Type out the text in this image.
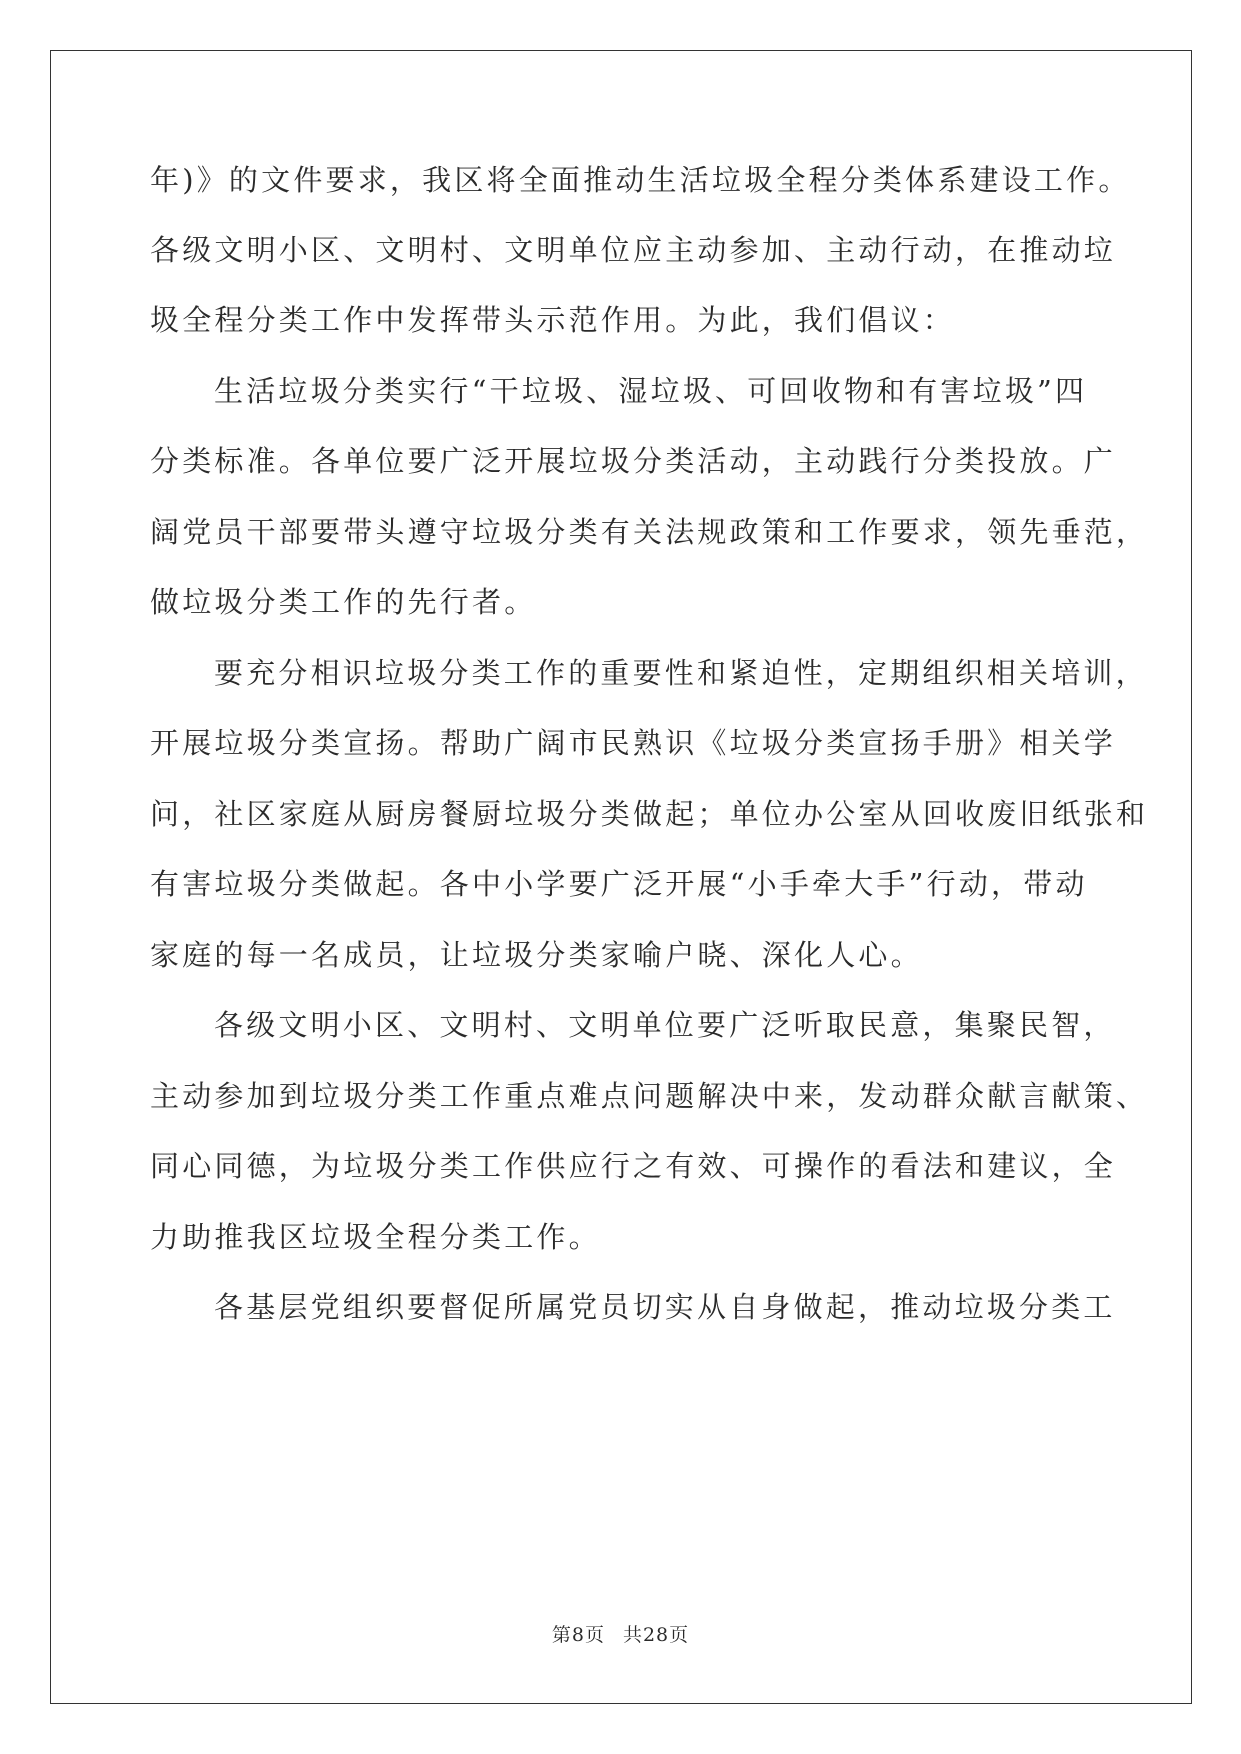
年)》的文件要求，我区将全面推动生活垃圾全程分类体系建设工作。
各级文明小区、文明村、文明单位应主动参加、主动行动，在推动垃
圾全程分类工作中发挥带头示范作用。为此，我们倡议：
生活垃圾分类实行“干垃圾、湿垃圾、可回收物和有害垃圾”四
分类标准。各单位要广泛开展垃圾分类活动，主动践行分类投放。广
阔党员干部要带头遵守垃圾分类有关法规政策和工作要求，领先垂范，
做垃圾分类工作的先行者。
要充分相识垃圾分类工作的重要性和紧迫性，定期组织相关培训，
开展垃圾分类宣扬。帮助广阔市民熟识《垃圾分类宣扬手册》相关学
问，社区家庭从厨房餐厨垃圾分类做起；单位办公室从回收废旧纸张和
有害垃圾分类做起。各中小学要广泛开展“小手牵大手”行动，带动
家庭的每一名成员，让垃圾分类家喻户晓、深化人心。
各级文明小区、文明村、文明单位要广泛听取民意，集聚民智，
主动参加到垃圾分类工作重点难点问题解决中来，发动群众献言献策、
同心同德，为垃圾分类工作供应行之有效、可操作的看法和建议，全
力助推我区垃圾全程分类工作。
各基层党组织要督促所属党员切实从自身做起，推动垃圾分类工
第8页 共28页
